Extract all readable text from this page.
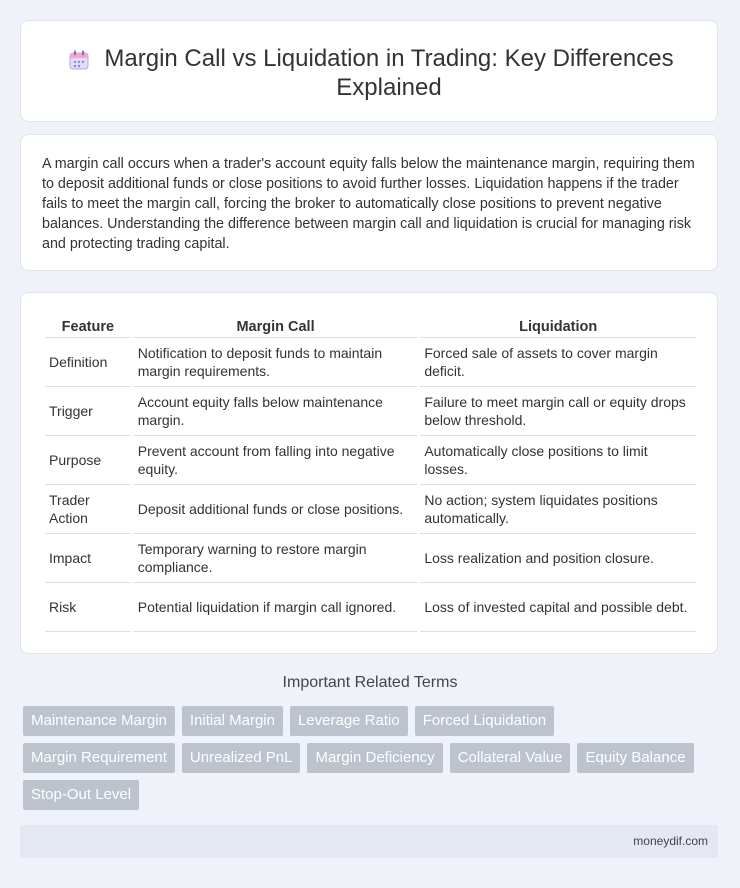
Margin Call vs Liquidation in Trading: Key Differences Explained

A margin call occurs when a trader's account equity falls below the maintenance margin, requiring them to deposit additional funds or close positions to avoid further losses. Liquidation happens if the trader fails to meet the margin call, forcing the broker to automatically close positions to prevent negative balances. Understanding the difference between margin call and liquidation is crucial for managing risk and protecting trading capital.

Feature	Margin Call	Liquidation
Definition	Notification to deposit funds to maintain margin requirements.	Forced sale of assets to cover margin deficit.
Trigger	Account equity falls below maintenance margin.	Failure to meet margin call or equity drops below threshold.
Purpose	Prevent account from falling into negative equity.	Automatically close positions to limit losses.
Trader Action	Deposit additional funds or close positions.	No action; system liquidates positions automatically.
Impact	Temporary warning to restore margin compliance.	Loss realization and position closure.
Risk	Potential liquidation if margin call ignored.	Loss of invested capital and possible debt.
Important Related Terms
Maintenance Margin	Initial Margin	Leverage Ratio	Forced Liquidation
Margin Requirement	Unrealized PnL	Margin Deficiency	Collateral Value	Equity Balance
Stop-Out Level
moneydif.com
